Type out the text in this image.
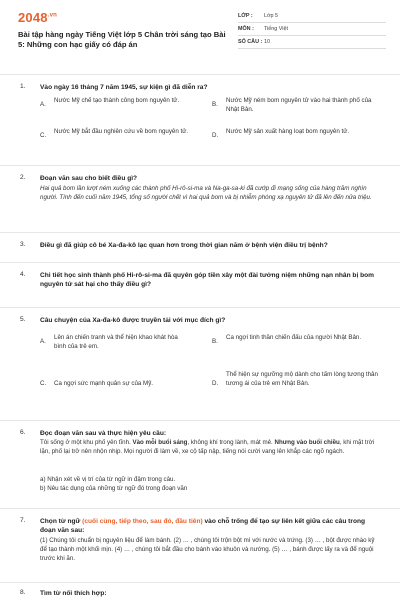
$2048^{.vn}$
Bài tập hàng ngày Tiếng Việt lớp 5 Chân trời sáng tạo Bài 5: Những con hạc giấy có đáp án
LỚP :	Lớp 5
MÔN :	Tiếng Việt
SỐ CÂU : 10
1. Vào ngày 16 tháng 7 năm 1945, sự kiện gì đã diễn ra?
A.
Nước Mỹ chế tạo thành công bom nguyên tử.
B.
Nước Mỹ ném bom nguyên tử vào hai thành phố của Nhật Bản.
C.
Nước Mỹ bắt đầu nghiên cứu về bom nguyên tử.
D.
Nước Mỹ sản xuất hàng loạt bom nguyên tử.
2. Đoạn văn sau cho biết điều gì?
Hai quả bom lần lượt ném xuống các thành phố Hi-rô-si-ma và Na-ga-sa-ki đã cướp đi mạng sống của hàng trăm nghìn người. Tính đến cuối năm 1945, tổng số người chết vì hai quả bom và bị nhiễm phóng xạ nguyên tử đã lên đến nửa triệu.
3. Điều gì đã giúp cô bé Xa-đa-kô lạc quan hơn trong thời gian năm ở bệnh viện điều trị bệnh?
4. Chi tiết học sinh thành phố Hi-rô-si-ma đã quyên góp tiền xây một đài tưởng niệm những nạn nhân bị bom nguyên tử sát hại cho thấy điều gì?
5. Câu chuyện của Xa-đa-kô được truyền tải với mục đích gì?
A.
Lên án chiến tranh và thể hiện khao khát hòa bình của trẻ em.
B.
Ca ngợi tinh thần chiến đấu của người Nhật Bản.
C. Ca ngợi sức mạnh quân sự của Mỹ.	D.
Thể hiện sự ngưỡng mộ dành cho tấm lòng tương thân tương ái của trẻ em Nhật Bản.
6. Đọc đoạn văn sau và thực hiện yêu cầu:
Tôi sống ở một khu phố yên tĩnh. Vào mỗi buổi sáng, không khí trong lành, mát mẻ. Nhưng vào buổi chiều, khi mặt trời lặn, phố lại trở nên nhộn nhịp. Mọi người đi làm về, xe cộ tấp nập, tiếng nói cười vang lên khắp các ngõ ngách.
a) Nhận xét về vị trí của từ ngữ in đậm trong câu.
b) Nêu tác dụng của những từ ngữ đó trong đoạn văn
7. Chọn từ ngữ (cuối cùng, tiếp theo, sau đó, đầu tiên) vào chỗ trống để tạo sự liên kết giữa các câu trong đoạn văn sau:
(1) Chúng tôi chuẩn bị nguyên liệu để làm bánh. (2) … , chúng tôi trộn bột mì với nước và trứng. (3) … , bột được nhào kỹ để tạo thành một khối mịn. (4) … , chúng tôi bắt đầu cho bánh vào khuôn và nướng. (5) … , bánh được lấy ra và để nguội trước khi ăn.
8. Tìm từ nối thích hợp:
